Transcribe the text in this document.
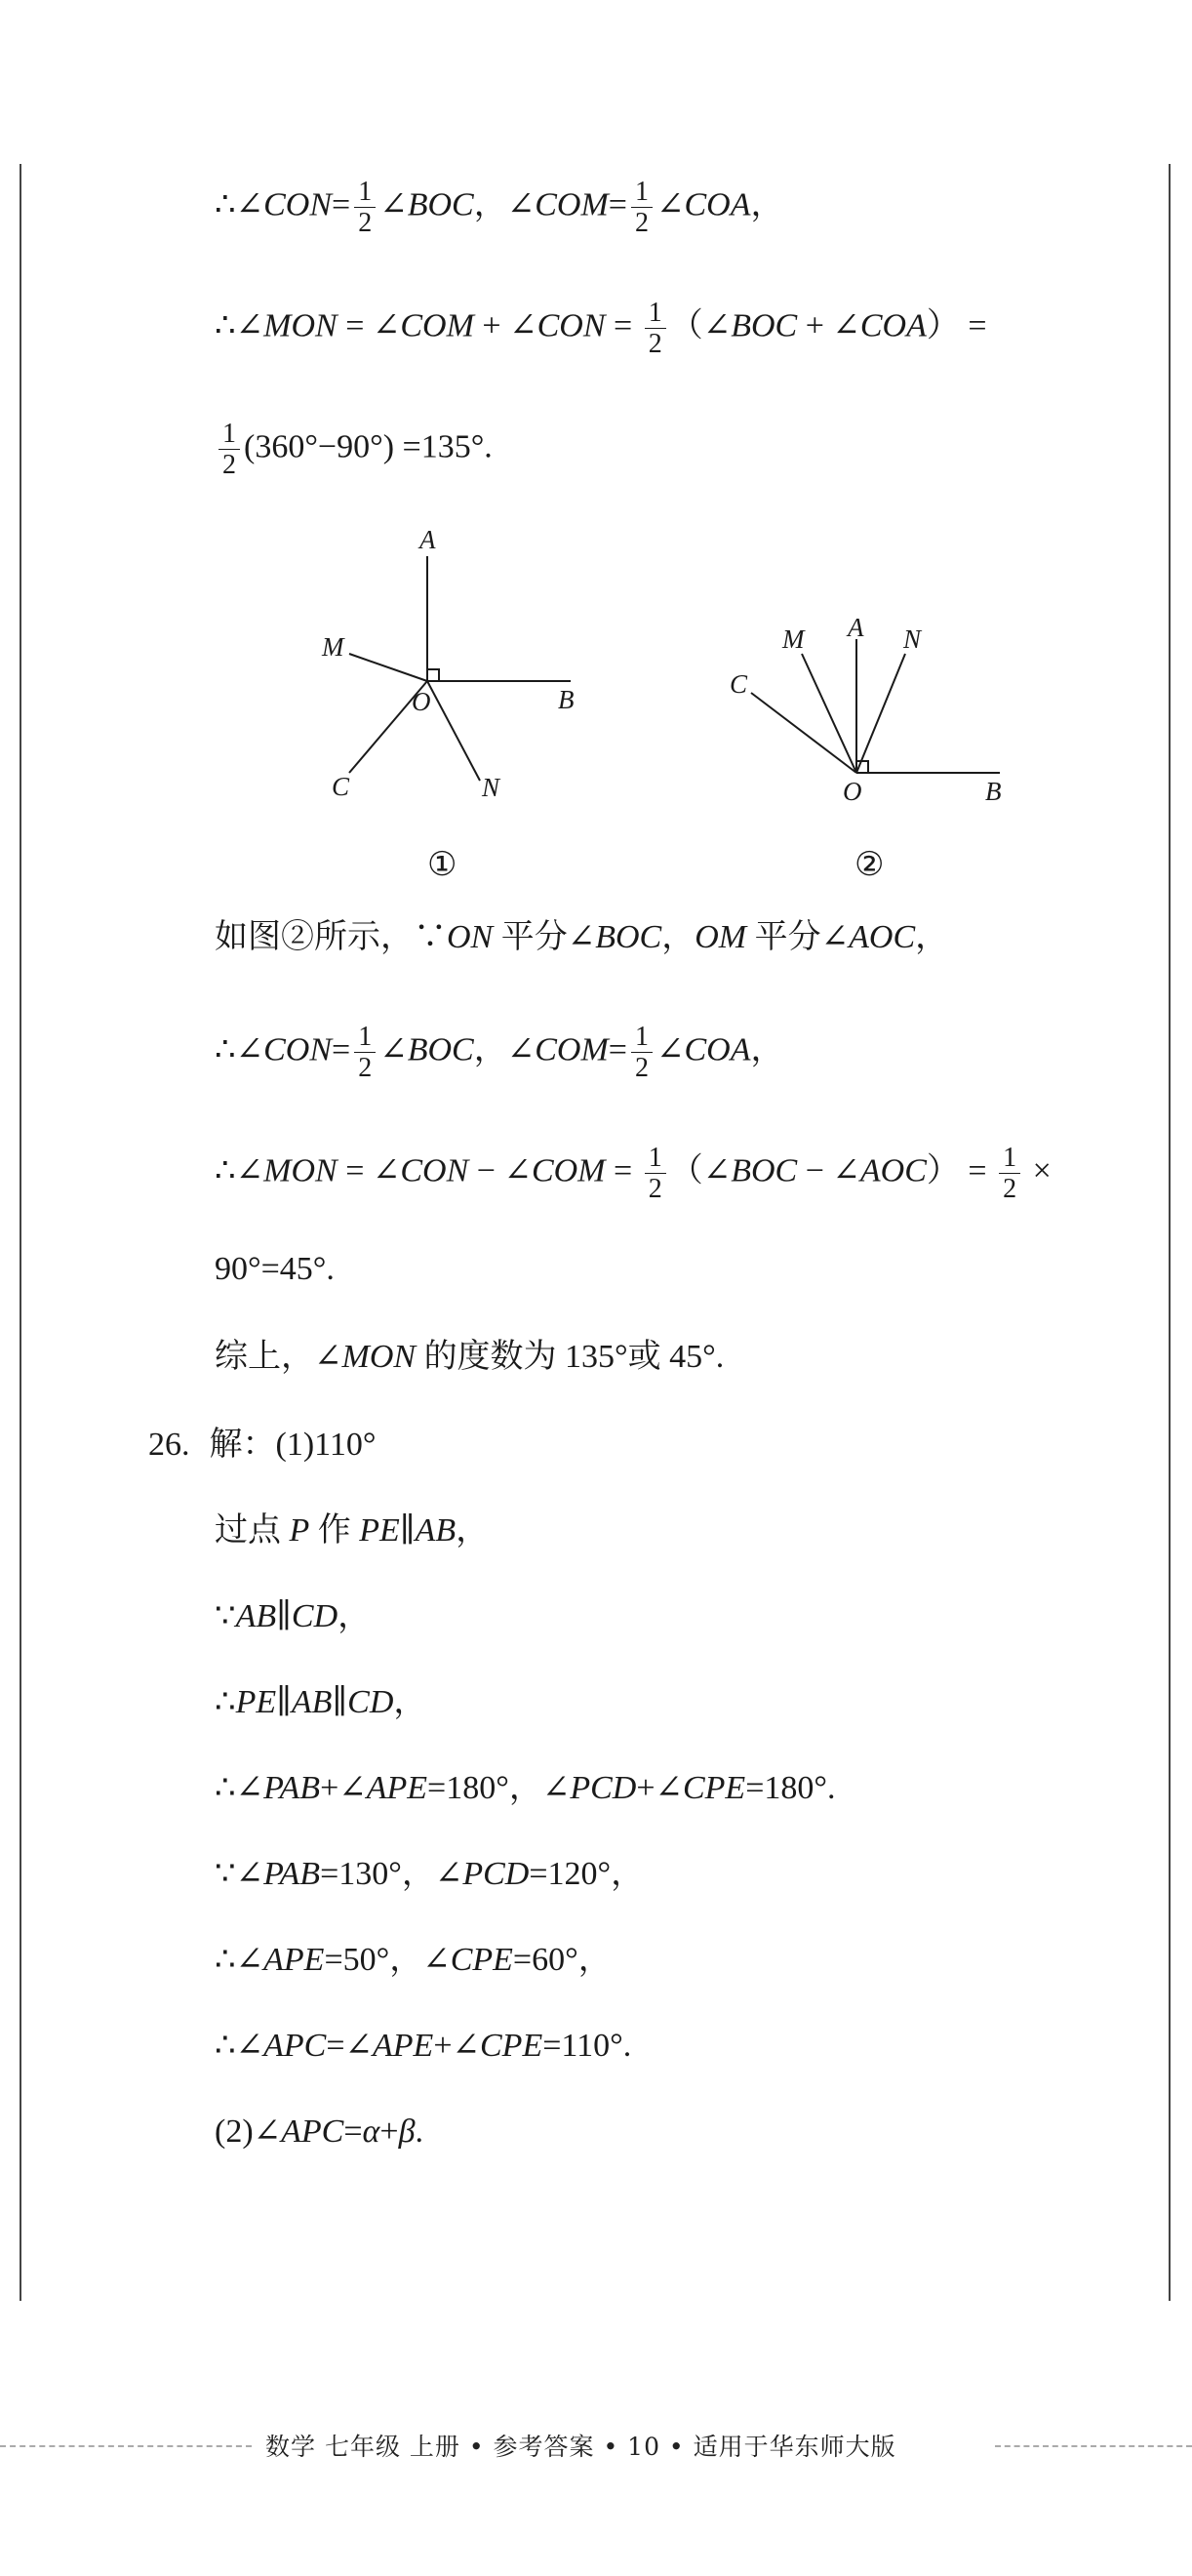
∴∠CON= $\frac{1}{2}$ ∠BOC，∠COM= $\frac{1}{2}$ ∠COA，
∴∠MON = ∠COM + ∠CON = $\frac{1}{2}$ （∠BOC + ∠COA） =
$\frac{1}{2} (360^\circ-90^\circ) =135^\circ$.
A
M
O	B
C	N
①
M A N
C
O	B
②
如图②所示，∵ON 平分∠BOC，OM 平分∠AOC，
∴∠CON= $\frac{1}{2}$ ∠BOC，∠COM= $\frac{1}{2}$ ∠COA，
∴∠MON = ∠CON − ∠COM = $\frac{1}{2}$ （∠BOC − ∠AOC） = $\frac{1}{2}$ ×
90°=45°.
综上，∠MON 的度数为 135°或 45°.
26. 解：(1)110°
过点 P 作 PE∥AB，
∵AB∥CD，
∴PE∥AB∥CD，
∴∠PAB+∠APE=180°，∠PCD+∠CPE=180°.
∵∠PAB=130°，∠PCD=120°，
∴∠APE=50°，∠CPE=60°，
∴∠APC=∠APE+∠CPE=110°.
(2)∠APC=α+β.
数学 七年级 上册 • 参考答案 • 10 • 适用于华东师大版
